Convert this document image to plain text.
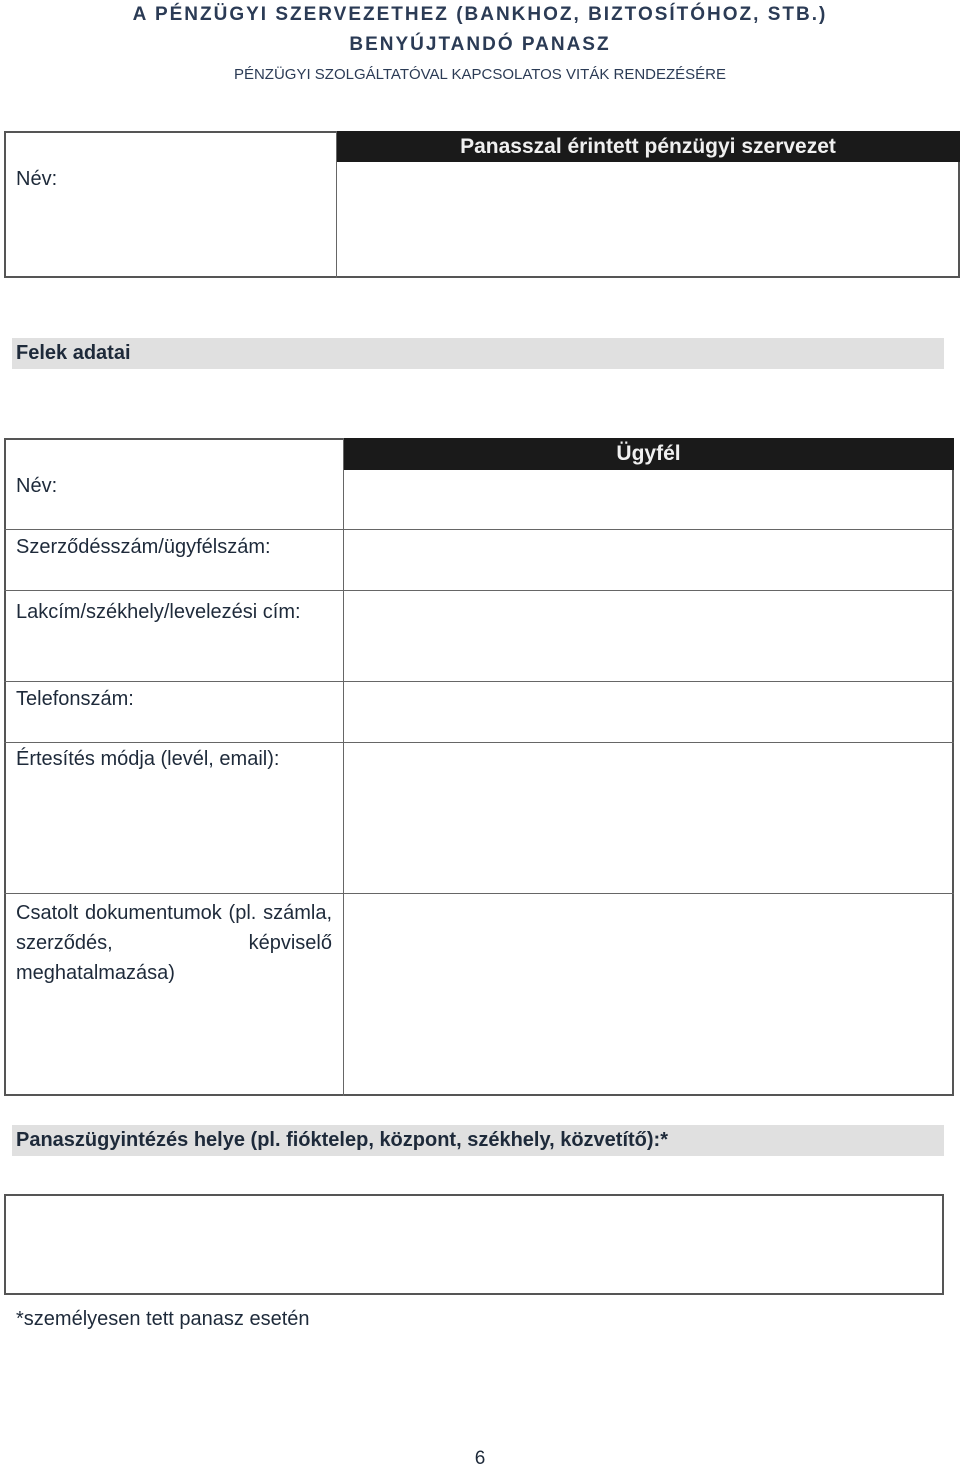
A PÉNZÜGYI SZERVEZETHEZ (BANKHOZ, BIZTOSÍTÓHOZ, STB.)
BENYÚJTANDÓ PANASZ
PÉNZÜGYI SZOLGÁLTATÓVAL KAPCSOLATOS VITÁK RENDEZÉSÉRE
Panasszal érintett pénzügyi szervezet
Név:
Felek adatai
Ügyfél
Név:
Szerződésszám/ügyfélszám:
Lakcím/székhely/levelezési cím:
Telefonszám:
Értesítés módja (levél, email):
Csatolt dokumentumok (pl. számla, szerződés, képviselő meghatalmazása)
Panaszügyintézés helye (pl. fióktelep, központ, székhely, közvetítő):*
*személyesen tett panasz esetén
6
